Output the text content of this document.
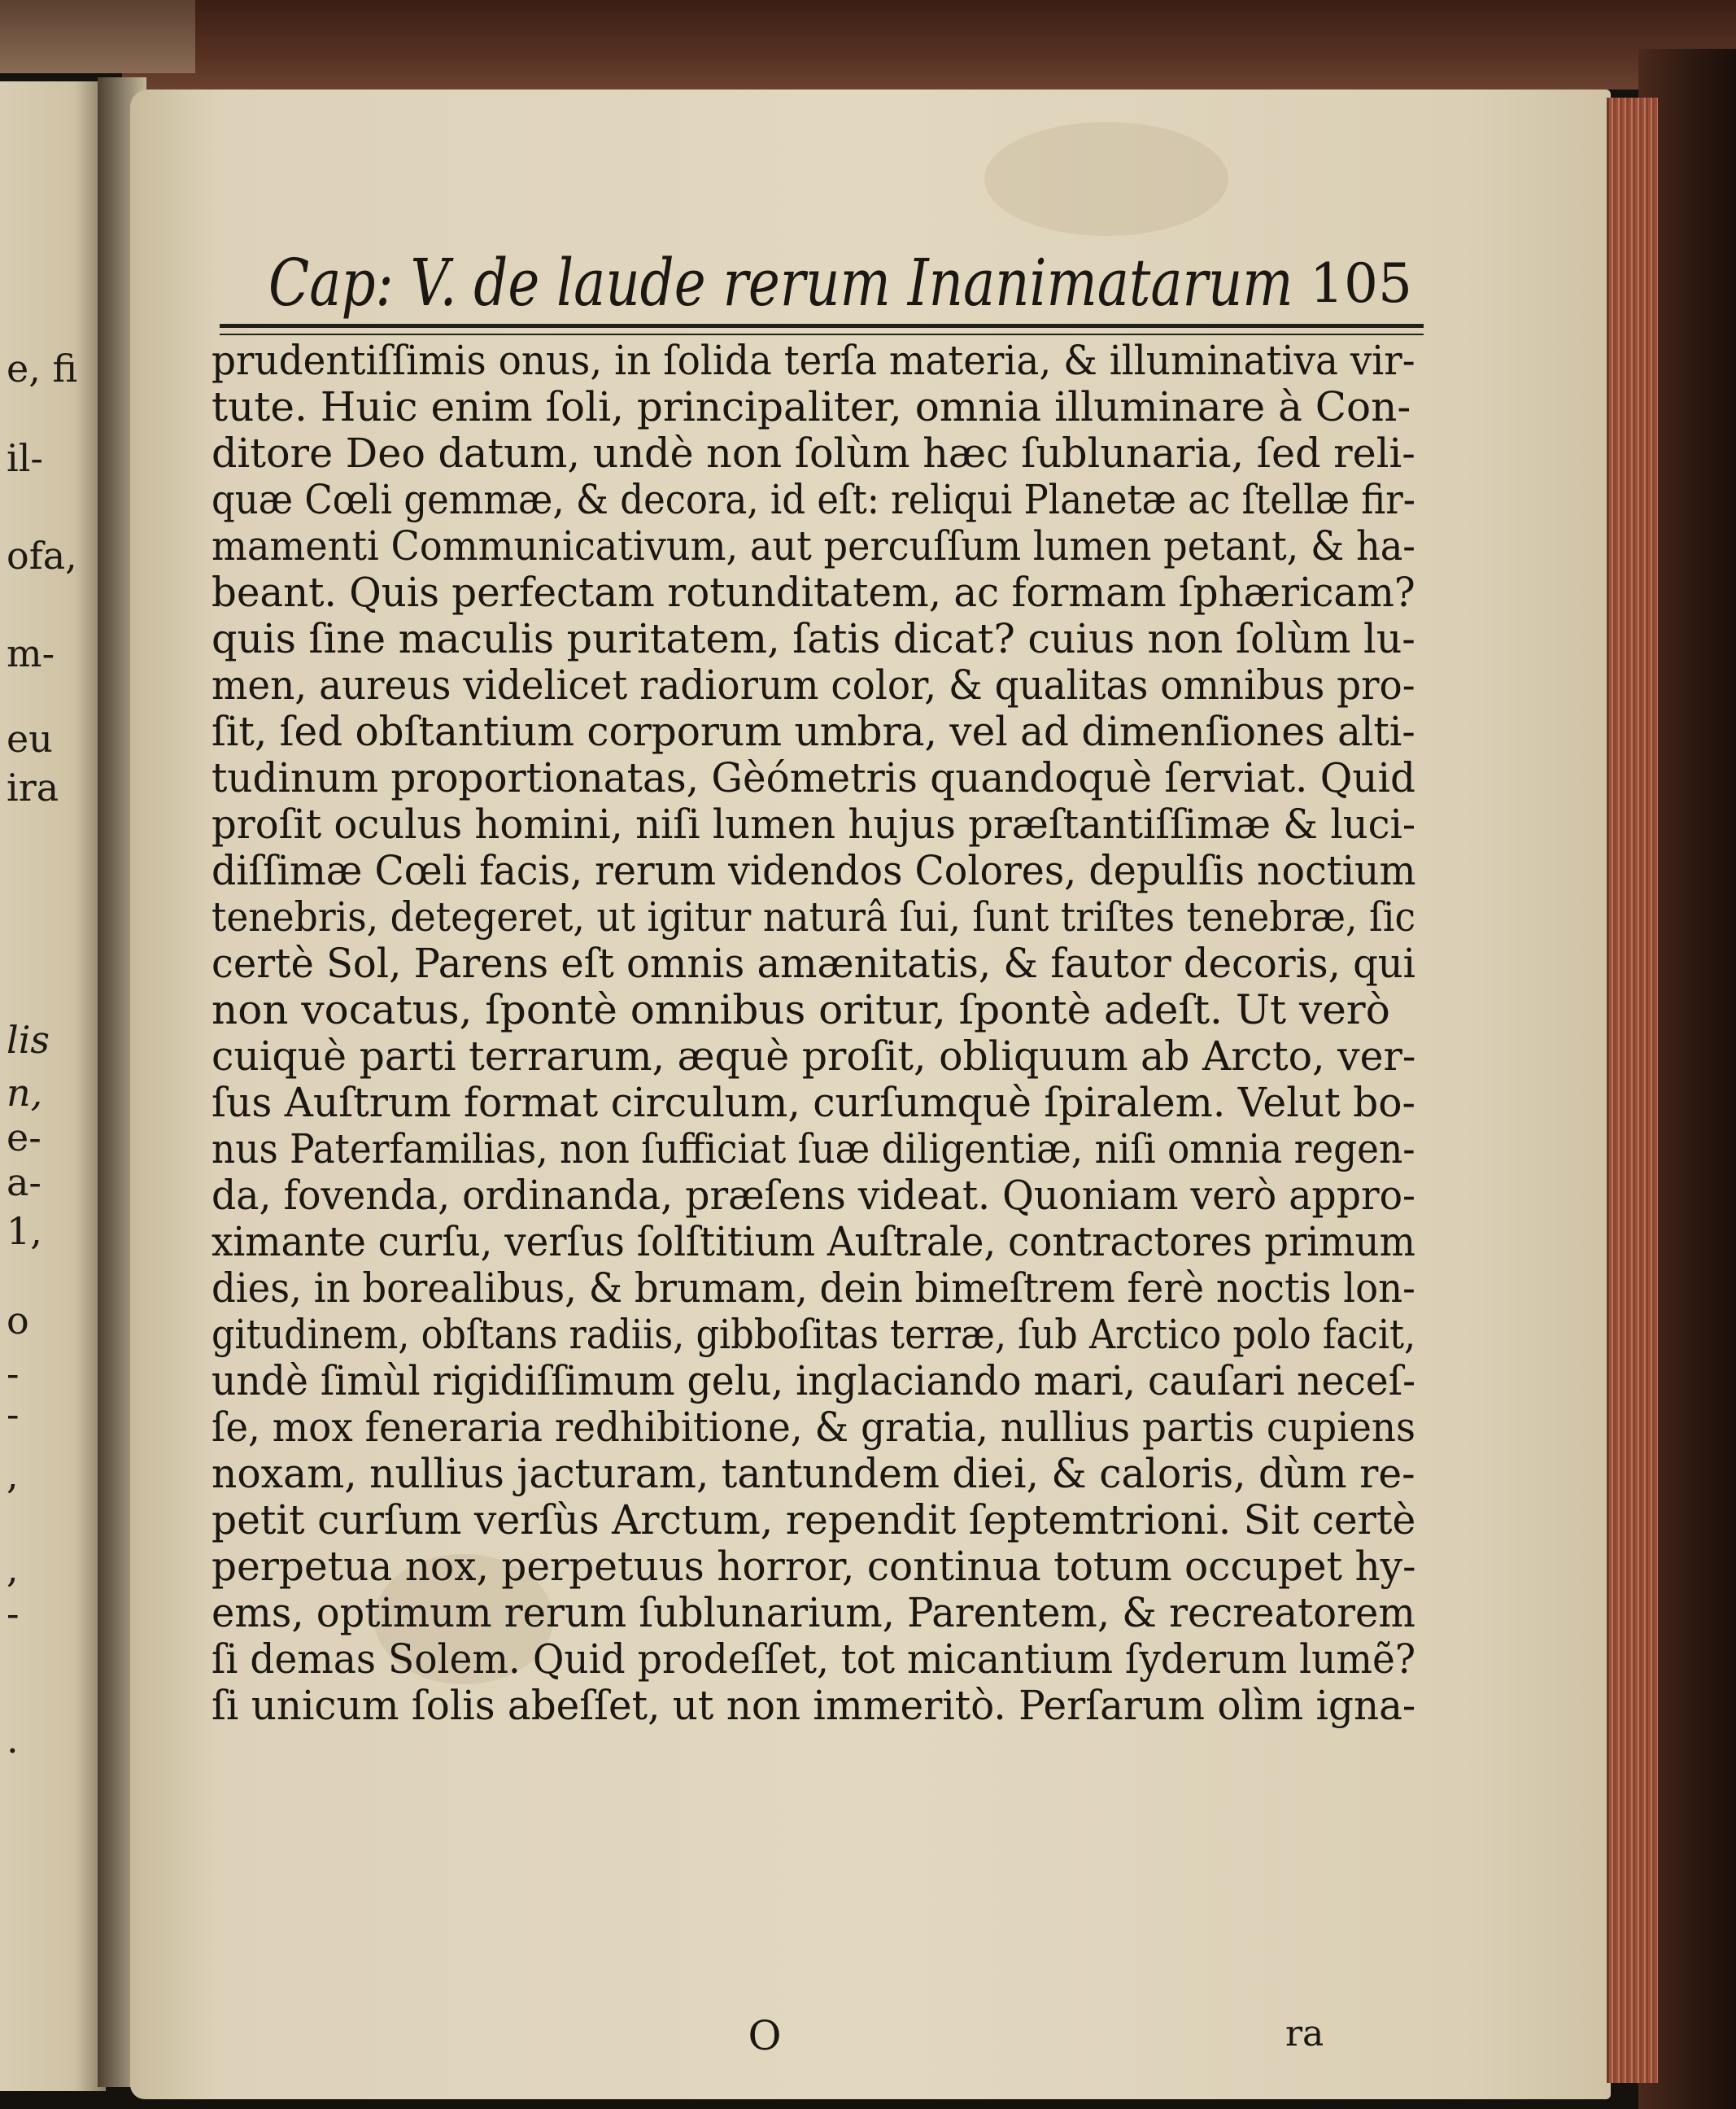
e, fi
il-
ofa,
m-
eu
ira
lis
n,
e-
a-
1,
o
-
-
,
,
-
.
Cap: V. de laude rerum Inanimatarum 105
prudentiſſimis onus, in ſolida terſa materia, & illuminativa vir-
tute. Huic enim ſoli, principaliter, omnia illuminare à Con-
ditore Deo datum, undè non ſolùm hæc ſublunaria, ſed reli-
quæ Cœli gemmæ, & decora, id eſt: reliqui Planetæ ac ſtellæ fir-
mamenti Communicativum, aut percuſſum lumen petant, & ha-
beant. Quis perfectam rotunditatem, ac formam ſphæricam?
quis ſine maculis puritatem, ſatis dicat? cuius non ſolùm lu-
men, aureus videlicet radiorum color, & qualitas omnibus pro-
ſit, ſed obſtantium corporum umbra, vel ad dimenſiones alti-
tudinum proportionatas, Gèómetris quandoquè ſerviat. Quid
proſit oculus homini, niſi lumen hujus præſtantiſſimæ & luci-
diſſimæ Cœli facis, rerum videndos Colores, depulſis noctium
tenebris, detegeret, ut igitur naturâ ſui, ſunt triſtes tenebræ, ſic
certè Sol, Parens eſt omnis amænitatis, & fautor decoris, qui
non vocatus, ſpontè omnibus oritur, ſpontè adeſt. Ut verò
cuiquè parti terrarum, æquè proſit, obliquum ab Arcto, ver-
ſus Auſtrum format circulum, curſumquè ſpiralem. Velut bo-
nus Paterfamilias, non ſufficiat ſuæ diligentiæ, niſi omnia regen-
da, fovenda, ordinanda, præſens videat. Quoniam verò appro-
ximante curſu, verſus ſolſtitium Auſtrale, contractores primum
dies, in borealibus, & brumam, dein bimeſtrem ferè noctis lon-
gitudinem, obſtans radiis, gibboſitas terræ, ſub Arctico polo facit,
undè ſimùl rigidiſſimum gelu, inglaciando mari, cauſari neceſ-
ſe, mox feneraria redhibitione, & gratia, nullius partis cupiens
noxam, nullius jacturam, tantundem diei, & caloris, dùm re-
petit curſum verſùs Arctum, rependit ſeptemtrioni. Sit certè
perpetua nox, perpetuus horror, continua totum occupet hy-
ems, optimum rerum ſublunarium, Parentem, & recreatorem
ſi demas Solem. Quid prodeſſet, tot micantium ſyderum lumẽ?
ſi unicum ſolis abeſſet, ut non immeritò. Perſarum olìm igna-
O	ra
